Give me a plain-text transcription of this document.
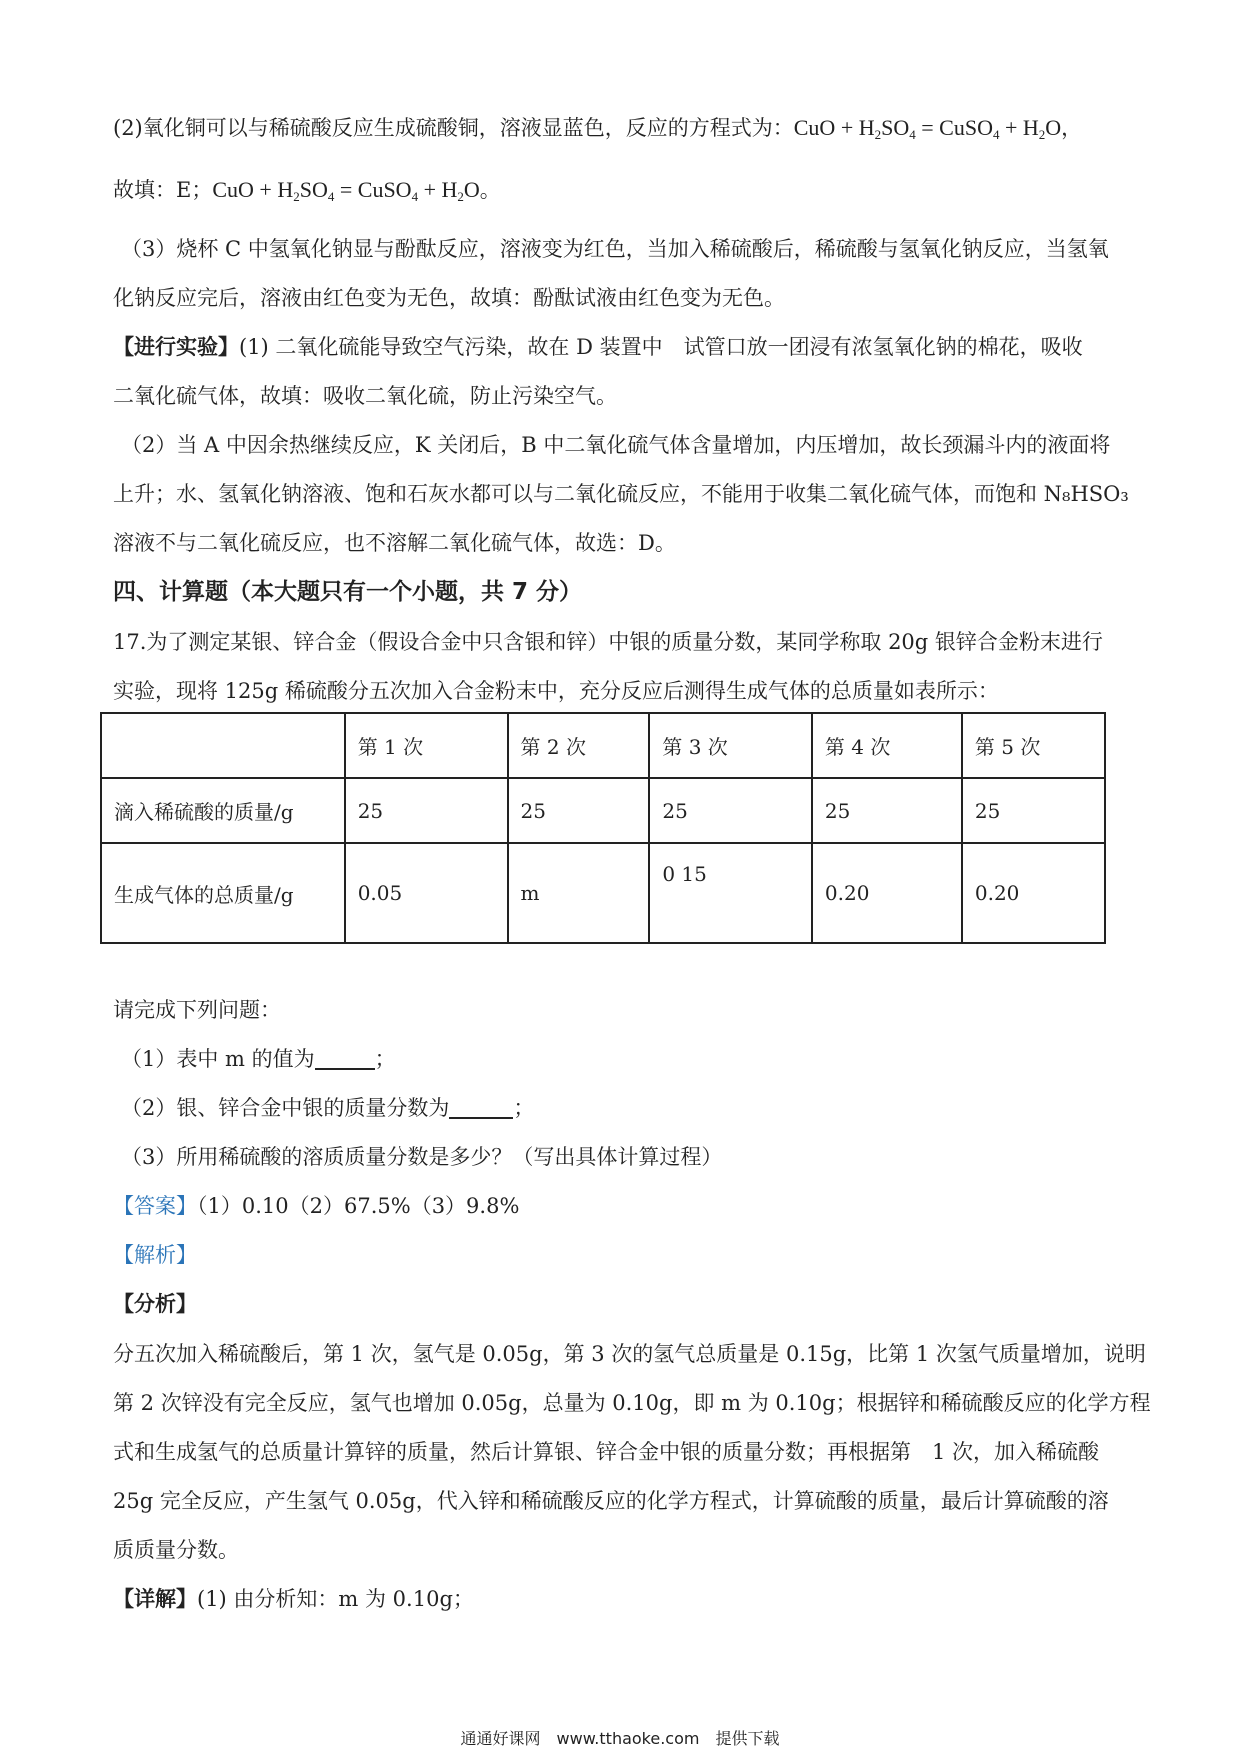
(2)氧化铜可以与稀硫酸反应生成硫酸铜，溶液显蓝色，反应的方程式为：CuO + $H_2SO_4$ = CuSO$_4$ + $H_2O$，
故填：E；CuO + $H_2SO_4$ = CuSO$_4$ + $H_2O$。
（3）烧杯 C 中氢氧化钠显与酚酞反应，溶液变为红色，当加入稀硫酸后，稀硫酸与氢氧化钠反应，当氢氧
化钠反应完后，溶液由红色变为无色，故填：酚酞试液由红色变为无色。
【进行实验】(1) 二氧化硫能导致空气污染，故在 D 装置中　试管口放一团浸有浓氢氧化钠的棉花，吸收
二氧化硫气体，故填：吸收二氧化硫，防止污染空气。
（2）当 A 中因余热继续反应，K 关闭后，B 中二氧化硫气体含量增加，内压增加，故长颈漏斗内的液面将
上升；水、氢氧化钠溶液、饱和石灰水都可以与二氧化硫反应，不能用于收集二氧化硫气体，而饱和 N₈HSO₃
溶液不与二氧化硫反应，也不溶解二氧化硫气体，故选：D。
四、计算题（本大题只有一个小题，共 7 分）
17.为了测定某银、锌合金（假设合金中只含银和锌）中银的质量分数，某同学称取 20g 银锌合金粉末进行
实验，现将 125g 稀硫酸分五次加入合金粉末中，充分反应后测得生成气体的总质量如表所示：
	第 1 次	第 2 次	第 3 次	第 4 次	第 5 次
滴入稀硫酸的质量/g	25	25	25	25	25
生成气体的总质量/g	0.05	m	0 15	0.20	0.20
请完成下列问题：
（1）表中 m 的值为	；
（2）银、锌合金中银的质量分数为	；
（3）所用稀硫酸的溶质质量分数是多少？（写出具体计算过程）
【答案】（1）0.10（2）67.5%（3）9.8%
【解析】
【分析】
分五次加入稀硫酸后，第 1 次，氢气是 0.05g，第 3 次的氢气总质量是 0.15g，比第 1 次氢气质量增加，说明
第 2 次锌没有完全反应，氢气也增加 0.05g，总量为 0.10g，即 m 为 0.10g；根据锌和稀硫酸反应的化学方程
式和生成氢气的总质量计算锌的质量，然后计算银、锌合金中银的质量分数；再根据第　1 次，加入稀硫酸
25g 完全反应，产生氢气 0.05g，代入锌和稀硫酸反应的化学方程式，计算硫酸的质量，最后计算硫酸的溶
质质量分数。
【详解】(1) 由分析知：m 为 0.10g；
通通好课网　www.tthaoke.com　提供下载
